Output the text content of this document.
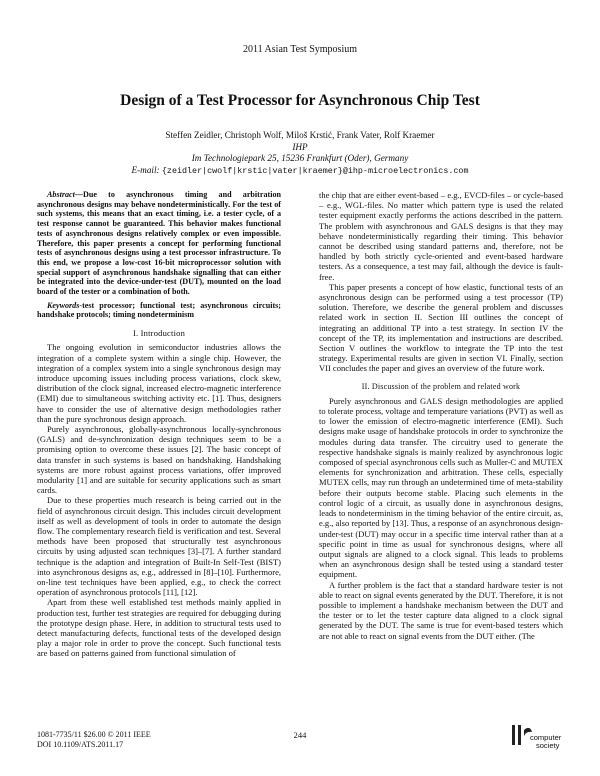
2011 Asian Test Symposium
Design of a Test Processor for Asynchronous Chip Test
Steffen Zeidler, Christoph Wolf, Miloš Krstić, Frank Vater, Rolf Kraemer
IHP
Im Technologiepark 25, 15236 Frankfurt (Oder), Germany
E-mail: {zeidler|cwolf|krstic|vater|kraemer}@ihp-microelectronics.com

Abstract—Due to asynchronous timing and arbitration asynchronous designs may behave nondeterministically. For the test of such systems, this means that an exact timing, i.e. a tester cycle, of a test response cannot be guaranteed. This behavior makes functional tests of asynchronous designs relatively complex or even impossible. Therefore, this paper presents a concept for performing functional tests of asynchronous designs using a test processor infrastructure. To this end, we propose a low-cost 16-bit microprocessor solution with special support of asynchronous handshake signalling that can either be integrated into the device-under-test (DUT), mounted on the load board of the tester or a combination of both.

Keywords-test processor; functional test; asynchronous circuits; handshake protocols; timing nondeterminism

I. Introduction

The ongoing evolution in semiconductor industries allows the integration of a complete system within a single chip. However, the integration of a complex system into a single synchronous design may introduce upcoming issues including process variations, clock skew, distribution of the clock signal, increased electro-magnetic interference (EMI) due to simultaneous switching activity etc. [1]. Thus, designers have to consider the use of alternative design methodologies rather than the pure synchronous design approach.

Purely asynchronous, globally-asynchronous locally-synchronous (GALS) and de-synchronization design techniques seem to be a promising option to overcome these issues [2]. The basic concept of data transfer in such systems is based on handshaking. Handshaking systems are more robust against process variations, offer improved modularity [1] and are suitable for security applications such as smart cards.

Due to these properties much research is being carried out in the field of asynchronous circuit design. This includes circuit development itself as well as development of tools in order to automate the design flow. The complementary research field is verification and test. Several methods have been proposed that structurally test asynchronous circuits by using adjusted scan techniques [3]–[7]. A further standard technique is the adaption and integration of Built-In Self-Test (BIST) into asynchronous designs as, e.g., addressed in [8]–[10]. Furthermore, on-line test techniques have been applied, e.g., to check the correct operation of asynchronous protocols [11], [12].

Apart from these well established test methods mainly applied in production test, further test strategies are required for debugging during the prototype design phase. Here, in addition to structural tests used to detect manufacturing defects, functional tests of the developed design play a major role in order to prove the concept. Such functional tests are based on patterns gained from functional simulation of

the chip that are either event-based – e.g., EVCD-files – or cycle-based – e.g., WGL-files. No matter which pattern type is used the related tester equipment exactly performs the actions described in the pattern. The problem with asynchronous and GALS designs is that they may behave nondeterministically regarding their timing. This behavior cannot be described using standard patterns and, therefore, not be handled by both strictly cycle-oriented and event-based hardware testers. As a consequence, a test may fail, although the device is fault-free.

This paper presents a concept of how elastic, functional tests of an asynchronous design can be performed using a test processor (TP) solution. Therefore, we describe the general problem and discusses related work in section II. Section III outlines the concept of integrating an additional TP into a test strategy. In section IV the concept of the TP, its implementation and instructions are described. Section V outlines the workflow to integrate the TP into the test strategy. Experimental results are given in section VI. Finally, section VII concludes the paper and gives an overview of the future work.

II. Discussion of the problem and related work

Purely asynchronous and GALS design methodologies are applied to tolerate process, voltage and temperature variations (PVT) as well as to lower the emission of electro-magnetic interference (EMI). Such designs make usage of handshake protocols in order to synchronize the modules during data transfer. The circuitry used to generate the respective handshake signals is mainly realized by asynchronous logic composed of special asynchronous cells such as Muller-C and MUTEX elements for synchronization and arbitration. These cells, especially MUTEX cells, may run through an undetermined time of meta-stability before their outputs become stable. Placing such elements in the control logic of a circuit, as usually done in asynchronous designs, leads to nondeterminism in the timing behavior of the entire circuit, as, e.g., also reported by [13]. Thus, a response of an asynchronous design-under-test (DUT) may occur in a specific time interval rather than at a specific point in time as usual for synchronous designs, where all output signals are aligned to a clock signal. This leads to problems when an asynchronous design shall be tested using a standard tester equipment.

A further problem is the fact that a standard hardware tester is not able to react on signal events generated by the DUT. Therefore, it is not possible to implement a handshake mechanism between the DUT and the tester or to let the tester capture data aligned to a clock signal generated by the DUT. The same is true for event-based testers which are not able to react on signal events from the DUT either. (The

1081-7735/11 $26.00 © 2011 IEEE
DOI 10.1109/ATS.2011.17
244	computer
society
